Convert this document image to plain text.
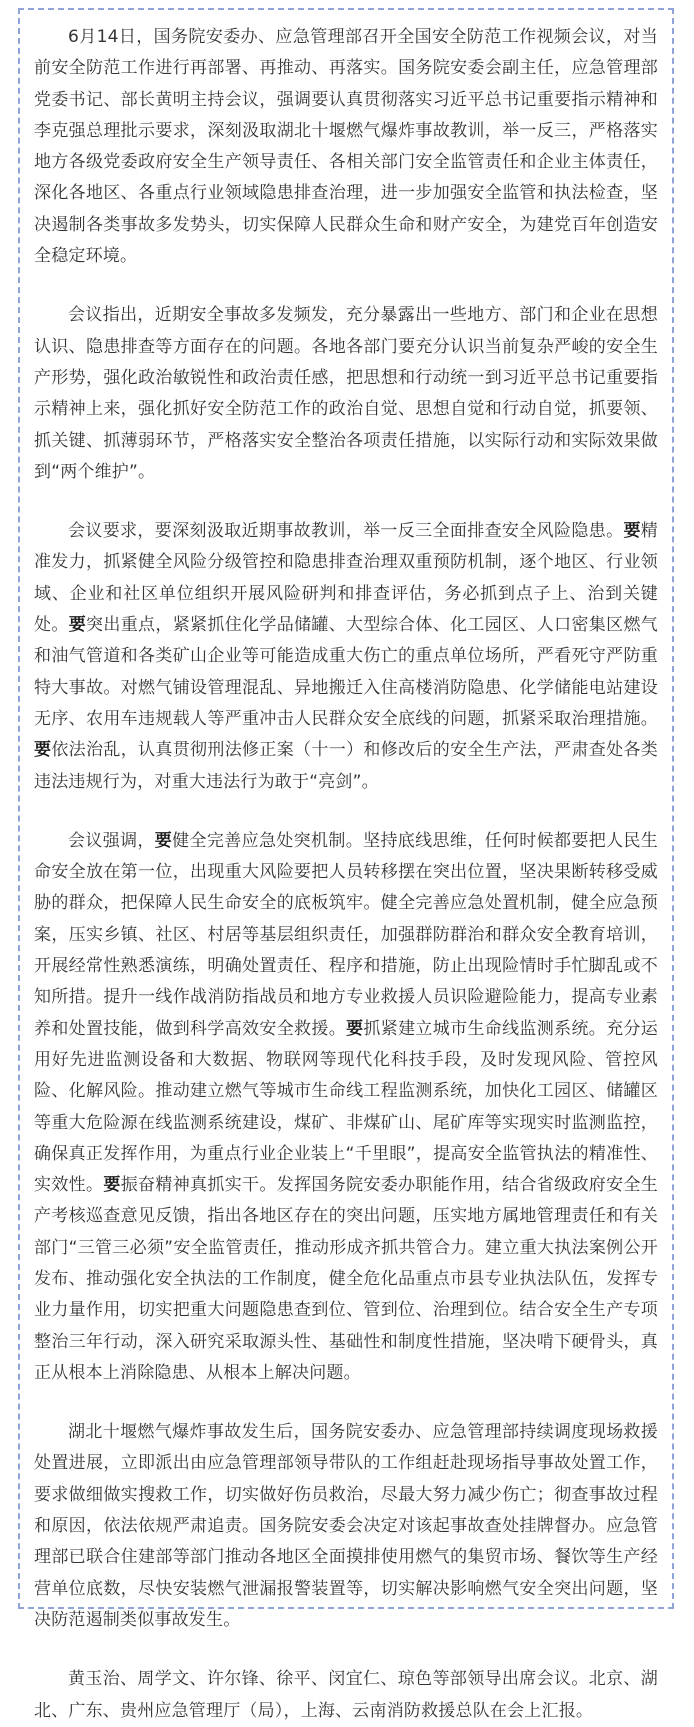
6月14日，国务院安委办、应急管理部召开全国安全防范工作视频会议，对当前安全防范工作进行再部署、再推动、再落实。国务院安委会副主任，应急管理部党委书记、部长黄明主持会议，强调要认真贯彻落实习近平总书记重要指示精神和李克强总理批示要求，深刻汲取湖北十堰燃气爆炸事故教训，举一反三，严格落实地方各级党委政府安全生产领导责任、各相关部门安全监管责任和企业主体责任，深化各地区、各重点行业领域隐患排查治理，进一步加强安全监管和执法检查，坚决遏制各类事故多发势头，切实保障人民群众生命和财产安全，为建党百年创造安全稳定环境。

会议指出，近期安全事故多发频发，充分暴露出一些地方、部门和企业在思想认识、隐患排查等方面存在的问题。各地各部门要充分认识当前复杂严峻的安全生产形势，强化政治敏锐性和政治责任感，把思想和行动统一到习近平总书记重要指示精神上来，强化抓好安全防范工作的政治自觉、思想自觉和行动自觉，抓要领、抓关键、抓薄弱环节，严格落实安全整治各项责任措施，以实际行动和实际效果做到“两个维护”。

会议要求，要深刻汲取近期事故教训，举一反三全面排查安全风险隐患。要精准发力，抓紧健全风险分级管控和隐患排查治理双重预防机制，逐个地区、行业领域、企业和社区单位组织开展风险研判和排查评估，务必抓到点子上、治到关键处。要突出重点，紧紧抓住化学品储罐、大型综合体、化工园区、人口密集区燃气和油气管道和各类矿山企业等可能造成重大伤亡的重点单位场所，严看死守严防重特大事故。对燃气铺设管理混乱、异地搬迁入住高楼消防隐患、化学储能电站建设无序、农用车违规载人等严重冲击人民群众安全底线的问题，抓紧采取治理措施。要依法治乱，认真贯彻刑法修正案（十一）和修改后的安全生产法，严肃查处各类违法违规行为，对重大违法行为敢于“亮剑”。

会议强调，要健全完善应急处突机制。坚持底线思维，任何时候都要把人民生命安全放在第一位，出现重大风险要把人员转移摆在突出位置，坚决果断转移受威胁的群众，把保障人民生命安全的底板筑牢。健全完善应急处置机制，健全应急预案，压实乡镇、社区、村居等基层组织责任，加强群防群治和群众安全教育培训，开展经常性熟悉演练，明确处置责任、程序和措施，防止出现险情时手忙脚乱或不知所措。提升一线作战消防指战员和地方专业救援人员识险避险能力，提高专业素养和处置技能，做到科学高效安全救援。要抓紧建立城市生命线监测系统。充分运用好先进监测设备和大数据、物联网等现代化科技手段，及时发现风险、管控风险、化解风险。推动建立燃气等城市生命线工程监测系统，加快化工园区、储罐区等重大危险源在线监测系统建设，煤矿、非煤矿山、尾矿库等实现实时监测监控，确保真正发挥作用，为重点行业企业装上“千里眼”，提高安全监管执法的精准性、实效性。要振奋精神真抓实干。发挥国务院安委办职能作用，结合省级政府安全生产考核巡查意见反馈，指出各地区存在的突出问题，压实地方属地管理责任和有关部门“三管三必须”安全监管责任，推动形成齐抓共管合力。建立重大执法案例公开发布、推动强化安全执法的工作制度，健全危化品重点市县专业执法队伍，发挥专业力量作用，切实把重大问题隐患查到位、管到位、治理到位。结合安全生产专项整治三年行动，深入研究采取源头性、基础性和制度性措施，坚决啃下硬骨头，真正从根本上消除隐患、从根本上解决问题。

湖北十堰燃气爆炸事故发生后，国务院安委办、应急管理部持续调度现场救援处置进展，立即派出由应急管理部领导带队的工作组赶赴现场指导事故处置工作，要求做细做实搜救工作，切实做好伤员救治，尽最大努力减少伤亡；彻查事故过程和原因，依法依规严肃追责。国务院安委会决定对该起事故查处挂牌督办。应急管理部已联合住建部等部门推动各地区全面摸排使用燃气的集贸市场、餐饮等生产经营单位底数，尽快安装燃气泄漏报警装置等，切实解决影响燃气安全突出问题，坚决防范遏制类似事故发生。

黄玉治、周学文、许尔锋、徐平、闵宜仁、琼色等部领导出席会议。北京、湖北、广东、贵州应急管理厅（局），上海、云南消防救援总队在会上汇报。
